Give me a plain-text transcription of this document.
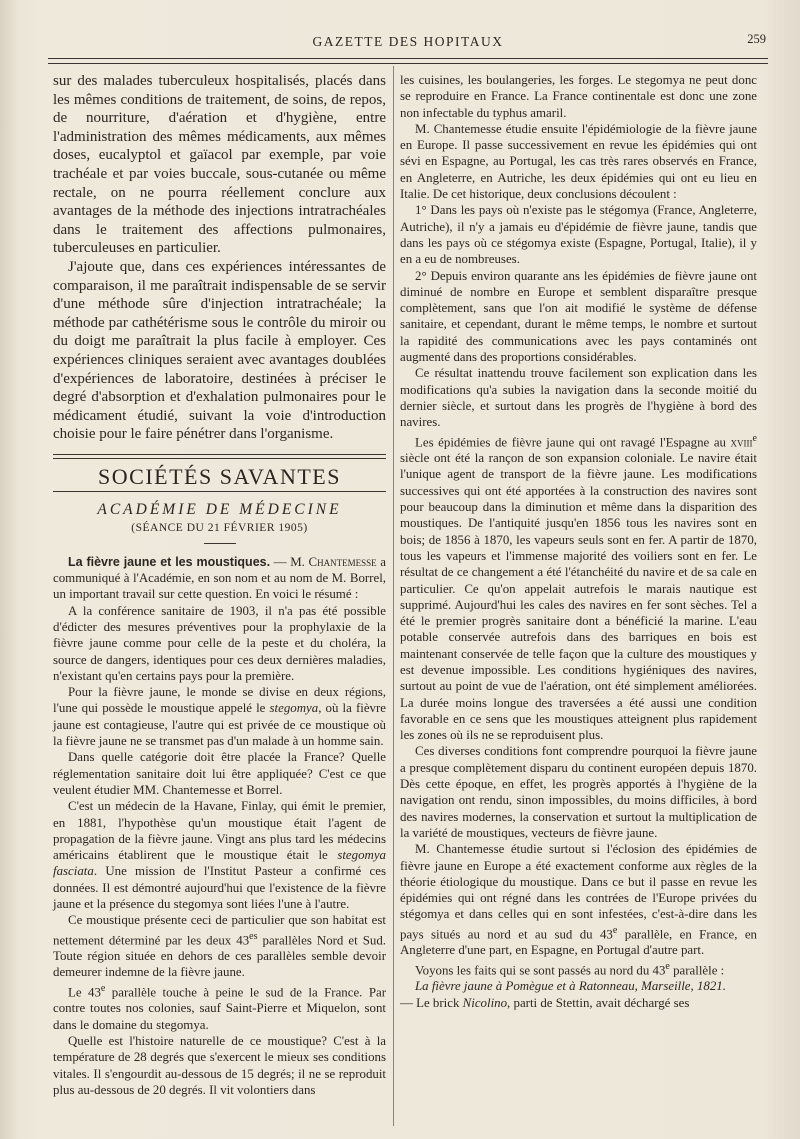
GAZETTE DES HOPITAUX	259

sur des malades tuberculeux hospitalisés, placés dans les mêmes conditions de traitement, de soins, de repos, de nourriture, d'aération et d'hygiène, entre l'administration des mêmes médicaments, aux mêmes doses, eucalyptol et gaïacol par exemple, par voie trachéale et par voies buccale, sous-cutanée ou même rectale, on ne pourra réellement conclure aux avantages de la méthode des injections intratrachéales dans le traitement des affections pulmonaires, tuberculeuses en particulier.

J'ajoute que, dans ces expériences intéressantes de comparaison, il me paraîtrait indispensable de se servir d'une méthode sûre d'injection intratrachéale; la méthode par cathétérisme sous le contrôle du miroir ou du doigt me paraîtrait la plus facile à employer. Ces expériences cliniques seraient avec avantages doublées d'expériences de laboratoire, destinées à préciser le degré d'absorption et d'exhalation pulmonaires pour le médicament étudié, suivant la voie d'introduction choisie pour le faire pénétrer dans l'organisme.

SOCIÉTÉS SAVANTES
ACADÉMIE DE MÉDECINE
(SÉANCE DU 21 FÉVRIER 1905)

La fièvre jaune et les moustiques. — M. Chantemesse a communiqué à l'Académie, en son nom et au nom de M. Borrel, un important travail sur cette question. En voici le résumé :

A la conférence sanitaire de 1903, il n'a pas été possible d'édicter des mesures préventives pour la prophylaxie de la fièvre jaune comme pour celle de la peste et du choléra, la source de dangers, identiques pour ces deux dernières maladies, n'existant qu'en certains pays pour la première.

Pour la fièvre jaune, le monde se divise en deux régions, l'une qui possède le moustique appelé le stegomya, où la fièvre jaune est contagieuse, l'autre qui est privée de ce moustique où la fièvre jaune ne se transmet pas d'un malade à un homme sain.

Dans quelle catégorie doit être placée la France? Quelle réglementation sanitaire doit lui être appliquée? C'est ce que veulent étudier MM. Chantemesse et Borrel.

C'est un médecin de la Havane, Finlay, qui émit le premier, en 1881, l'hypothèse qu'un moustique était l'agent de propagation de la fièvre jaune. Vingt ans plus tard les médecins américains établirent que le moustique était le stegomya fasciata. Une mission de l'Institut Pasteur a confirmé ces données. Il est démontré aujourd'hui que l'existence de la fièvre jaune et la présence du stegomya sont liées l'une à l'autre.

Ce moustique présente ceci de particulier que son habitat est nettement déterminé par les deux $43^{es}$ parallèles Nord et Sud. Toute région située en dehors de ces parallèles semble devoir demeurer indemne de la fièvre jaune.

Le 43e parallèle touche à peine le sud de la France. Par contre toutes nos colonies, sauf Saint-Pierre et Miquelon, sont dans le domaine du stegomya.

Quelle est l'histoire naturelle de ce moustique? C'est à la température de 28 degrés que s'exercent le mieux ses conditions vitales. Il s'engourdit au-dessous de 15 degrés; il ne se reproduit plus au-dessous de 20 degrés. Il vit volontiers dans

les cuisines, les boulangeries, les forges. Le stegomya ne peut donc se reproduire en France. La France continentale est donc une zone non infectable du typhus amaril.

M. Chantemesse étudie ensuite l'épidémiologie de la fièvre jaune en Europe. Il passe successivement en revue les épidémies qui ont sévi en Espagne, au Portugal, les cas très rares observés en France, en Angleterre, en Autriche, les deux épidémies qui ont eu lieu en Italie. De cet historique, deux conclusions découlent :

1° Dans les pays où n'existe pas le stégomya (France, Angleterre, Autriche), il n'y a jamais eu d'épidémie de fièvre jaune, tandis que dans les pays où ce stégomya existe (Espagne, Portugal, Italie), il y en a eu de nombreuses.

2° Depuis environ quarante ans les épidémies de fièvre jaune ont diminué de nombre en Europe et semblent disparaître presque complètement, sans que l'on ait modifié le système de défense sanitaire, et cependant, durant le même temps, le nombre et surtout la rapidité des communications avec les pays contaminés ont augmenté dans des proportions considérables.

Ce résultat inattendu trouve facilement son explication dans les modifications qu'a subies la navigation dans la seconde moitié du dernier siècle, et surtout dans les progrès de l'hygiène à bord des navires.

Les épidémies de fièvre jaune qui ont ravagé l'Espagne au xviii$^e$ siècle ont été la rançon de son expansion coloniale. Le navire était l'unique agent de transport de la fièvre jaune. Les modifications successives qui ont été apportées à la construction des navires sont pour beaucoup dans la diminution et même dans la disparition des moustiques. De l'antiquité jusqu'en 1856 tous les navires sont en bois; de 1856 à 1870, les vapeurs seuls sont en fer. A partir de 1870, tous les vapeurs et l'immense majorité des voiliers sont en fer. Le résultat de ce changement a été l'étanchéité du navire et de sa cale en particulier. Ce qu'on appelait autrefois le marais nautique est supprimé. Aujourd'hui les cales des navires en fer sont sèches. Tel a été le premier progrès sanitaire dont a bénéficié la marine. L'eau potable conservée autrefois dans des barriques en bois est maintenant conservée de telle façon que la culture des moustiques y est devenue impossible. Les conditions hygiéniques des navires, surtout au point de vue de l'aération, ont été simplement améliorées. La durée moins longue des traversées a été aussi une condition favorable en ce sens que les moustiques atteignent plus rapidement les zones où ils ne se reproduisent plus.

Ces diverses conditions font comprendre pourquoi la fièvre jaune a presque complètement disparu du continent européen depuis 1870. Dès cette époque, en effet, les progrès apportés à l'hygiène de la navigation ont rendu, sinon impossibles, du moins difficiles, à bord des navires modernes, la conservation et surtout la multiplication de la variété de moustiques, vecteurs de fièvre jaune.

M. Chantemesse étudie surtout si l'éclosion des épidémies de fièvre jaune en Europe a été exactement conforme aux règles de la théorie étiologique du moustique. Dans ce but il passe en revue les épidémies qui ont régné dans les contrées de l'Europe privées du stégomya et dans celles qui en sont infestées, c'est-à-dire dans les pays situés au nord et au sud du 43e parallèle, en France, en Angleterre d'une part, en Espagne, en Portugal d'autre part.

Voyons les faits qui se sont passés au nord du 43e parallèle :

La fièvre jaune à Pomègue et à Ratonneau, Marseille, 1821.

— Le brick Nicolino, parti de Stettin, avait déchargé ses
